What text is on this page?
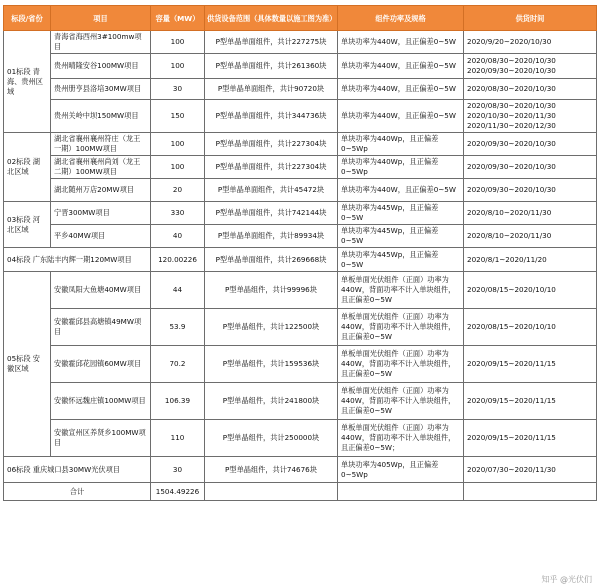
标段/省份	项目	容量（MW）	供货设备范围（具体数量以施工图为准）	组件功率及规格	供货时间
01标段 青海、贵州区域	青海省海西州3#100mw项目	100	P型单晶单面组件，共计227275块	单块功率为440W，且正偏差0~5W	2020/9/20~2020/10/30

	贵州晴隆安谷100MW项目	100	P型单晶单面组件，共计261360块	单块功率为440W，且正偏差0~5W	2020/08/30~2020/10/30
2020/09/30~2020/10/30

	贵州册亨县洛培30MW项目	30	P型单晶单面组件，共计90720块	单块功率为440W，且正偏差0~5W	2020/08/30~2020/10/30

	贵州关岭中坝150MW项目	150	P型单晶单面组件，共计344736块	单块功率为440W，且正偏差0~5W	2020/08/30~2020/10/30
2020/10/30~2020/11/30
2020/11/30~2020/12/30

02标段 湖北区域	湖北省襄州襄州符庄（龙王一期）100MW项目	100	P型单晶单面组件，共计227304块	单块功率为440Wp，且正偏差0~5Wp	2020/09/30~2020/10/30

	湖北省襄州襄州尚刘（龙王二期）100MW项目	100	P型单晶单面组件，共计227304块	单块功率为440Wp，且正偏差0~5Wp	2020/09/30~2020/10/30

	湖北随州万店20MW项目	20	P型单晶单面组件，共计45472块	单块功率为440W，且正偏差0~5W	2020/09/30~2020/10/30

03标段 河北区域	宁晋300MW项目	330	P型单晶单面组件，共计742144块	单块功率为445Wp，且正偏差0~5W	2020/8/10~2020/11/30

	平乡40MW项目	40	P型单晶单面组件，共计89934块	单块功率为445Wp，且正偏差0~5W	2020/8/10~2020/11/30

04标段 广东陆丰内辉一期120MW项目		120.00226	P型单晶单面组件，共计269668块	单块功率为445Wp，且正偏差0~5W	2020/8/1~2020/11/20

05标段 安徽区域	安徽凤阳大鱼塘40MW项目	44	P型单晶组件，共计99996块	单板单面光伏组件（正面）功率为440W，背面功率不计入单块组件，且正偏差0~5W	2020/08/15~2020/10/10

	安徽霍邱县高塘镇49MW项目	53.9	P型单晶组件，共计122500块	单板单面光伏组件（正面）功率为440W，背面功率不计入单块组件，且正偏差0~5W	2020/08/15~2020/10/10

	安徽霍邱花园镇60MW项目	70.2	P型单晶组件，共计159536块	单板单面光伏组件（正面）功率为440W，背面功率不计入单块组件，且正偏差0~5W	2020/09/15~2020/11/15

	安徽怀远魏庄镇100MW项目	106.39	P型单晶组件，共计241800块	单板单面光伏组件（正面）功率为440W，背面功率不计入单块组件，且正偏差0~5W	2020/09/15~2020/11/15

	安徽宣州区养贤乡100MW项目	110	P型单晶组件，共计250000块	单板单面光伏组件（正面）功率为440W，背面功率不计入单块组件，且正偏差0~5W；	2020/09/15~2020/11/15

06标段 重庆城口县30MW光伏项目		30	P型单晶组件，共计74676块	单块功率为405Wp，且正偏差0~5Wp	2020/07/30~2020/11/30

合计		1504.49226			
知乎 @光伏们
